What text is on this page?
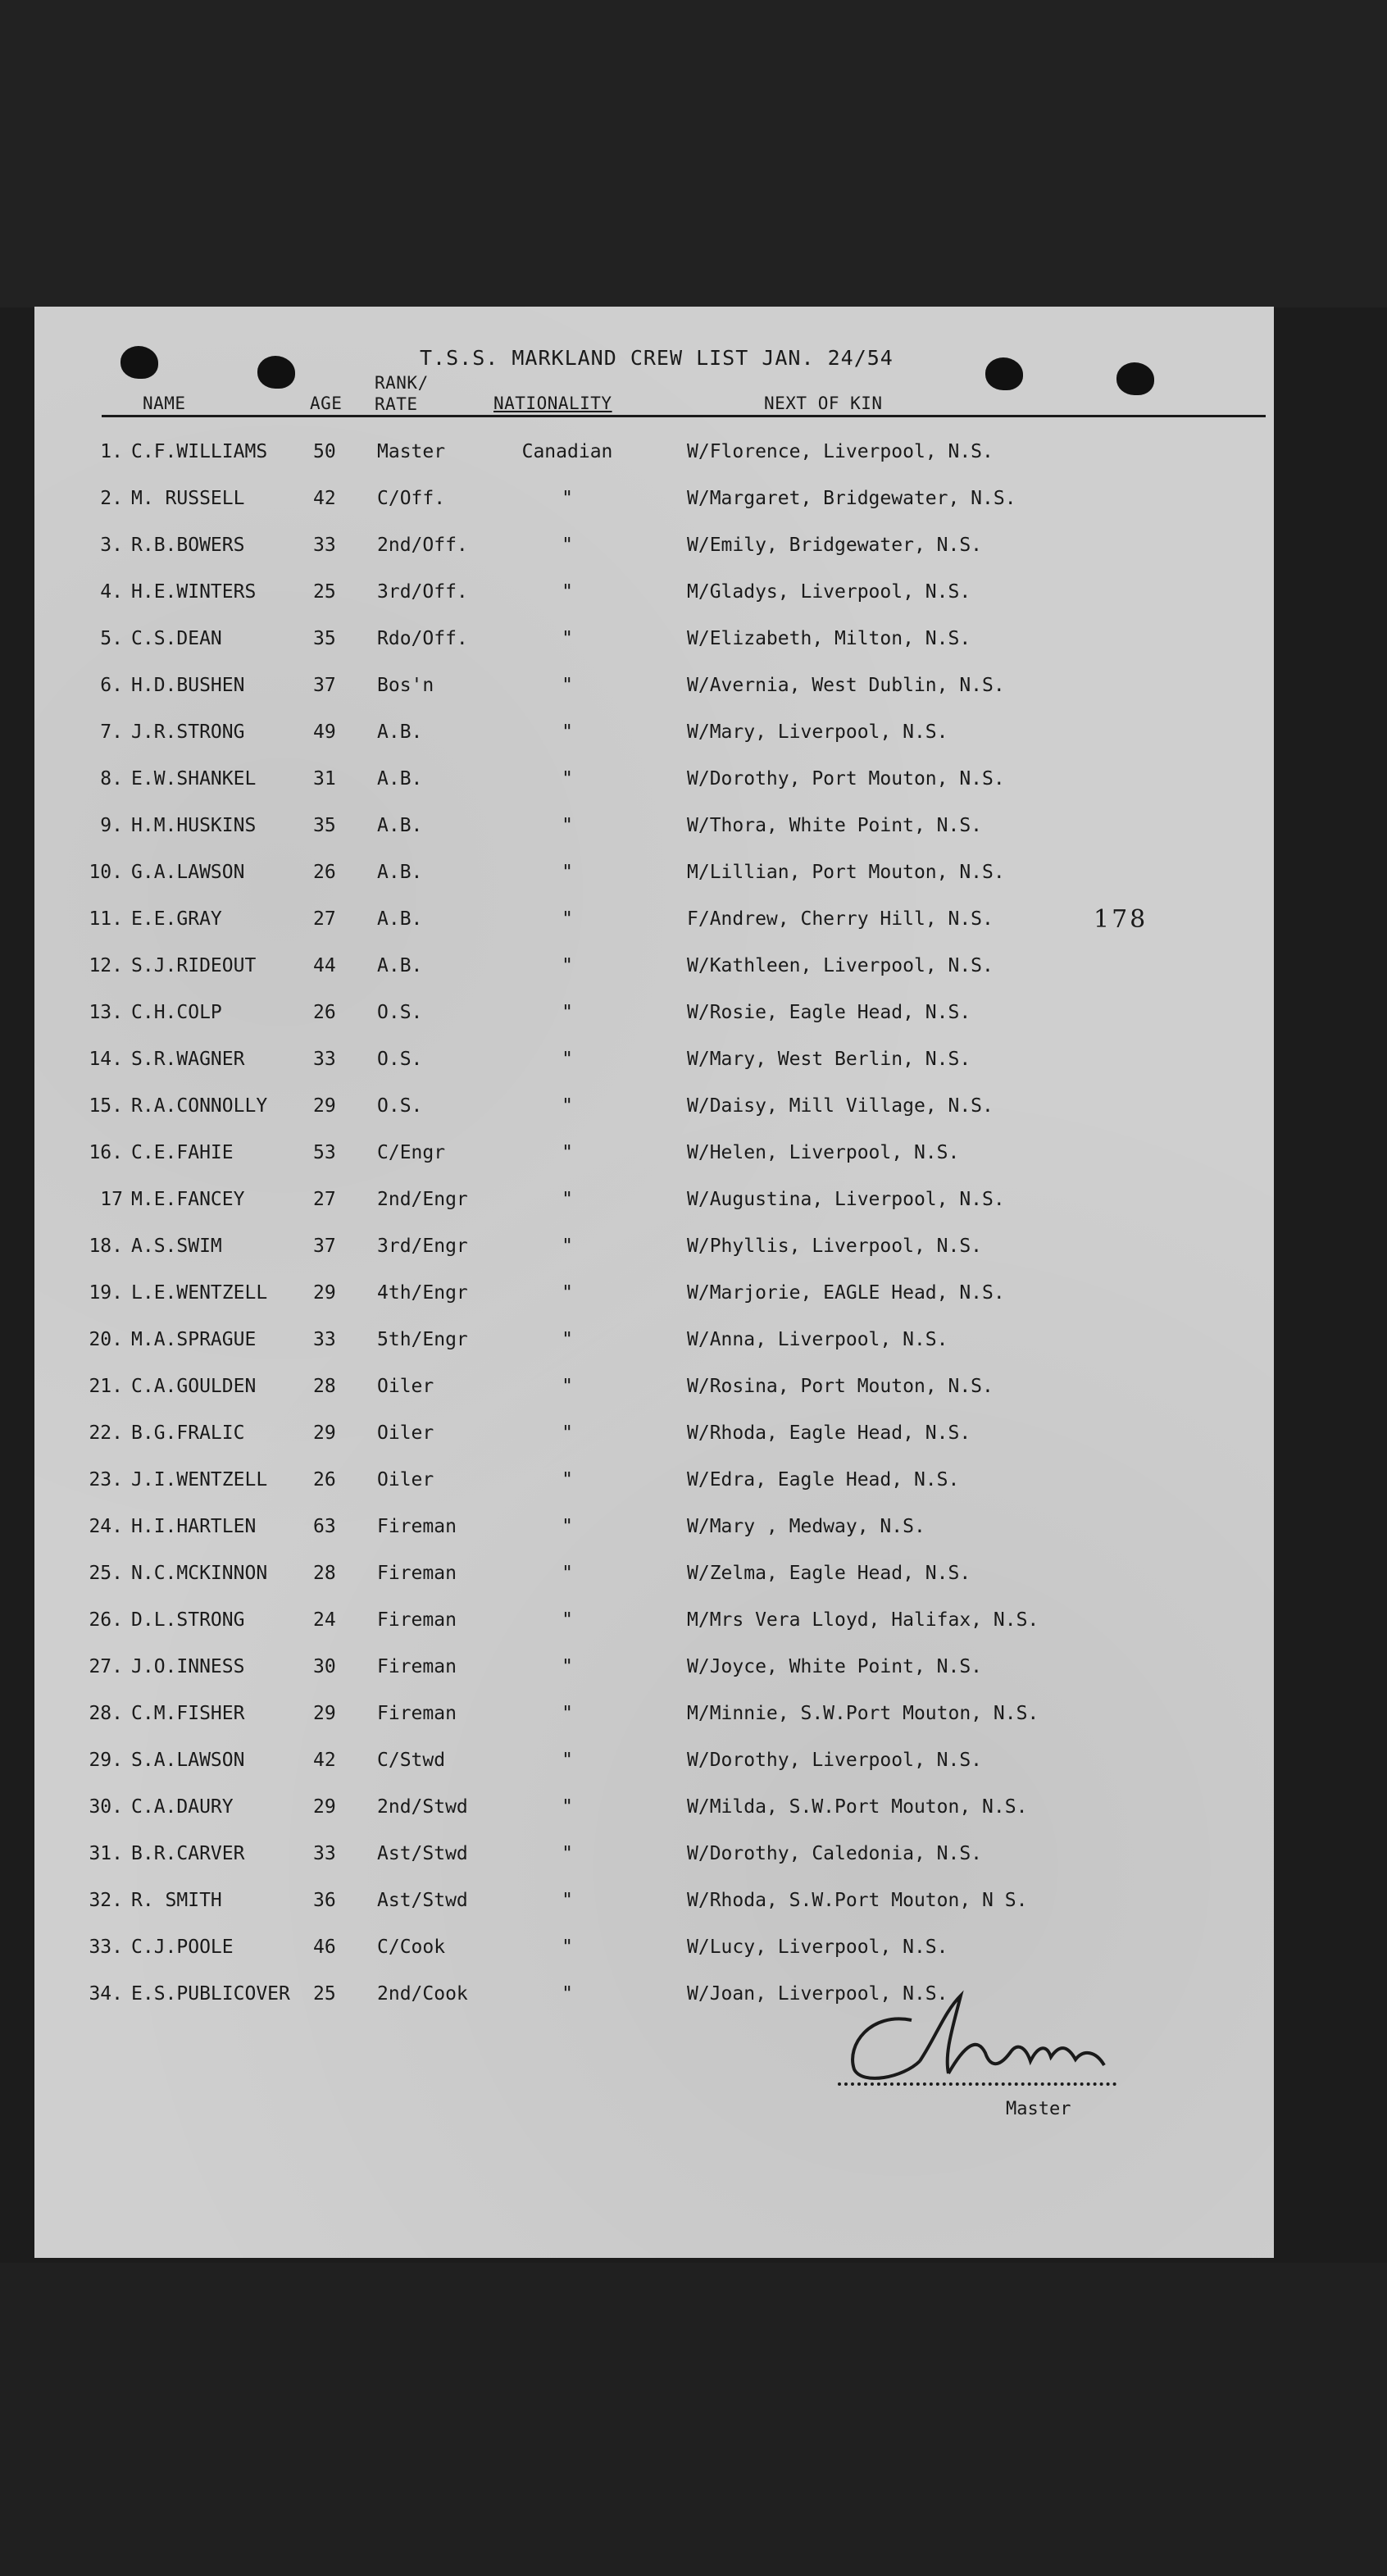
T.S.S. MARKLAND CREW LIST JAN. 24/54
NAME	AGE
RANK/
RATE	NATIONALITY	NEXT OF KIN
1. C.F.WILLIAMS 50 Master	Canadian	W/Florence, Liverpool, N.S.
2. M. RUSSELL	42 C/Off.	"	W/Margaret, Bridgewater, N.S.
3. R.B.BOWERS	33 2nd/Off.	"	W/Emily, Bridgewater, N.S.
4. H.E.WINTERS	25 3rd/Off.	"	M/Gladys, Liverpool, N.S.
5. C.S.DEAN	35 Rdo/Off.	"	W/Elizabeth, Milton, N.S.
6. H.D.BUSHEN	37 Bos'n	"	W/Avernia, West Dublin, N.S.
7. J.R.STRONG	49 A.B.	"	W/Mary, Liverpool, N.S.
8. E.W.SHANKEL	31 A.B.	"	W/Dorothy, Port Mouton, N.S.
9. H.M.HUSKINS	35 A.B.	"	W/Thora, White Point, N.S.
10. G.A.LAWSON	26 A.B.	"	M/Lillian, Port Mouton, N.S.
11. E.E.GRAY	27 A.B.	"	F/Andrew, Cherry Hill, N.S.
12. S.J.RIDEOUT	44 A.B.	"	W/Kathleen, Liverpool, N.S.
13. C.H.COLP	26 O.S.	"	W/Rosie, Eagle Head, N.S.
14. S.R.WAGNER	33 O.S.	"	W/Mary, West Berlin, N.S.
15. R.A.CONNOLLY 29 O.S.	"	W/Daisy, Mill Village, N.S.
16. C.E.FAHIE	53 C/Engr	"	W/Helen, Liverpool, N.S.
17 M.E.FANCEY	27 2nd/Engr	"	W/Augustina, Liverpool, N.S.
18. A.S.SWIM	37 3rd/Engr	"	W/Phyllis, Liverpool, N.S.
19. L.E.WENTZELL 29 4th/Engr	"	W/Marjorie, EAGLE Head, N.S.
20. M.A.SPRAGUE	33 5th/Engr	"	W/Anna, Liverpool, N.S.
21. C.A.GOULDEN	28 Oiler	"	W/Rosina, Port Mouton, N.S.
22. B.G.FRALIC	29 Oiler	"	W/Rhoda, Eagle Head, N.S.
23. J.I.WENTZELL 26 Oiler	"	W/Edra, Eagle Head, N.S.
24. H.I.HARTLEN	63 Fireman	"	W/Mary , Medway, N.S.
25. N.C.MCKINNON 28 Fireman	"	W/Zelma, Eagle Head, N.S.
26. D.L.STRONG	24 Fireman	"	M/Mrs Vera Lloyd, Halifax, N.S.
27. J.O.INNESS	30 Fireman	"	W/Joyce, White Point, N.S.
28. C.M.FISHER	29 Fireman	"	M/Minnie, S.W.Port Mouton, N.S.
29. S.A.LAWSON	42 C/Stwd	"	W/Dorothy, Liverpool, N.S.
30. C.A.DAURY	29 2nd/Stwd	"	W/Milda, S.W.Port Mouton, N.S.
31. B.R.CARVER	33 Ast/Stwd	"	W/Dorothy, Caledonia, N.S.
32. R. SMITH	36 Ast/Stwd	"	W/Rhoda, S.W.Port Mouton, N S.
33. C.J.POOLE	46 C/Cook	"	W/Lucy, Liverpool, N.S.
34. E.S.PUBLICOVER 25 2nd/Cook	"	W/Joan, Liverpool, N.S.
178
Master
